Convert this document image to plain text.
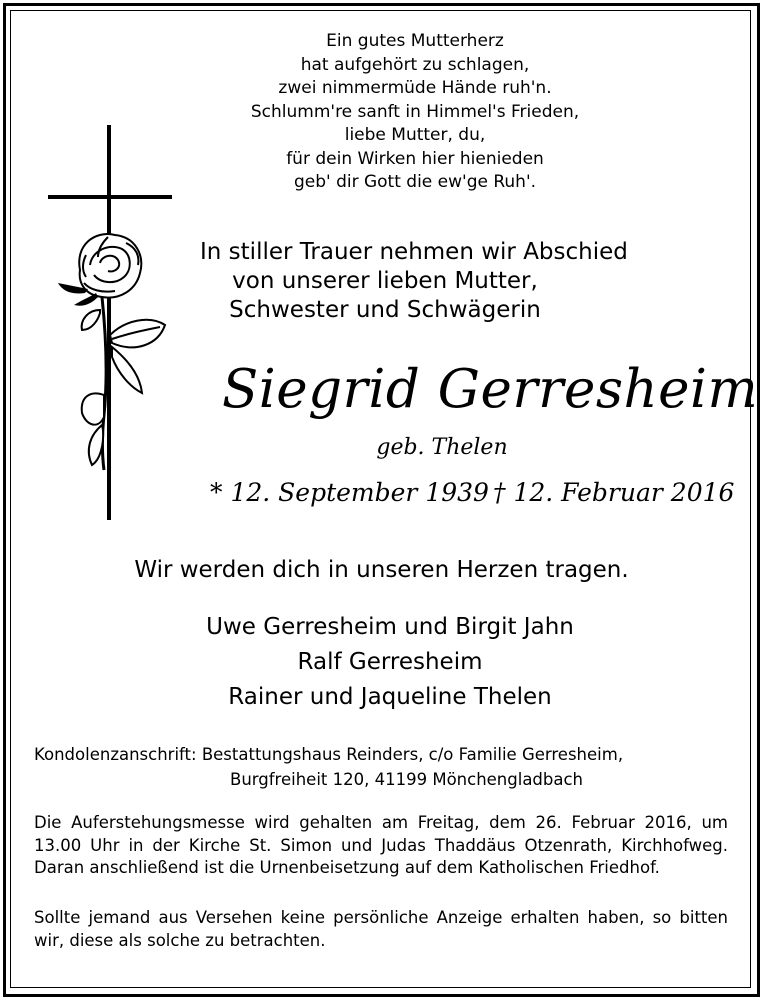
Ein gutes Mutterherz
hat aufgehört zu schlagen,
zwei nimmermüde Hände ruh'n.
Schlumm're sanft in Himmel's Frieden,
liebe Mutter, du,
für dein Wirken hier hienieden
geb' dir Gott die ew'ge Ruh'.
In stiller Trauer nehmen wir Abschied
von unserer lieben Mutter,
Schwester und Schwägerin
Siegrid Gerresheim
geb. Thelen
* 12. September 1939 † 12. Februar 2016
Wir werden dich in unseren Herzen tragen.
Uwe Gerresheim und Birgit Jahn
Ralf Gerresheim
Rainer und Jaqueline Thelen
Kondolenzanschrift: Bestattungshaus Reinders, c/o Familie Gerresheim,
Burgfreiheit 120, 41199 Mönchengladbach
Die Auferstehungsmesse wird gehalten am Freitag, dem 26. Februar 2016, um 13.00 Uhr in der Kirche St. Simon und Judas Thaddäus Otzenrath, Kirchhofweg. Daran anschließend ist die Urnenbeisetzung auf dem Katholischen Friedhof.
Sollte jemand aus Versehen keine persönliche Anzeige erhalten haben, so bitten wir, diese als solche zu betrachten.
